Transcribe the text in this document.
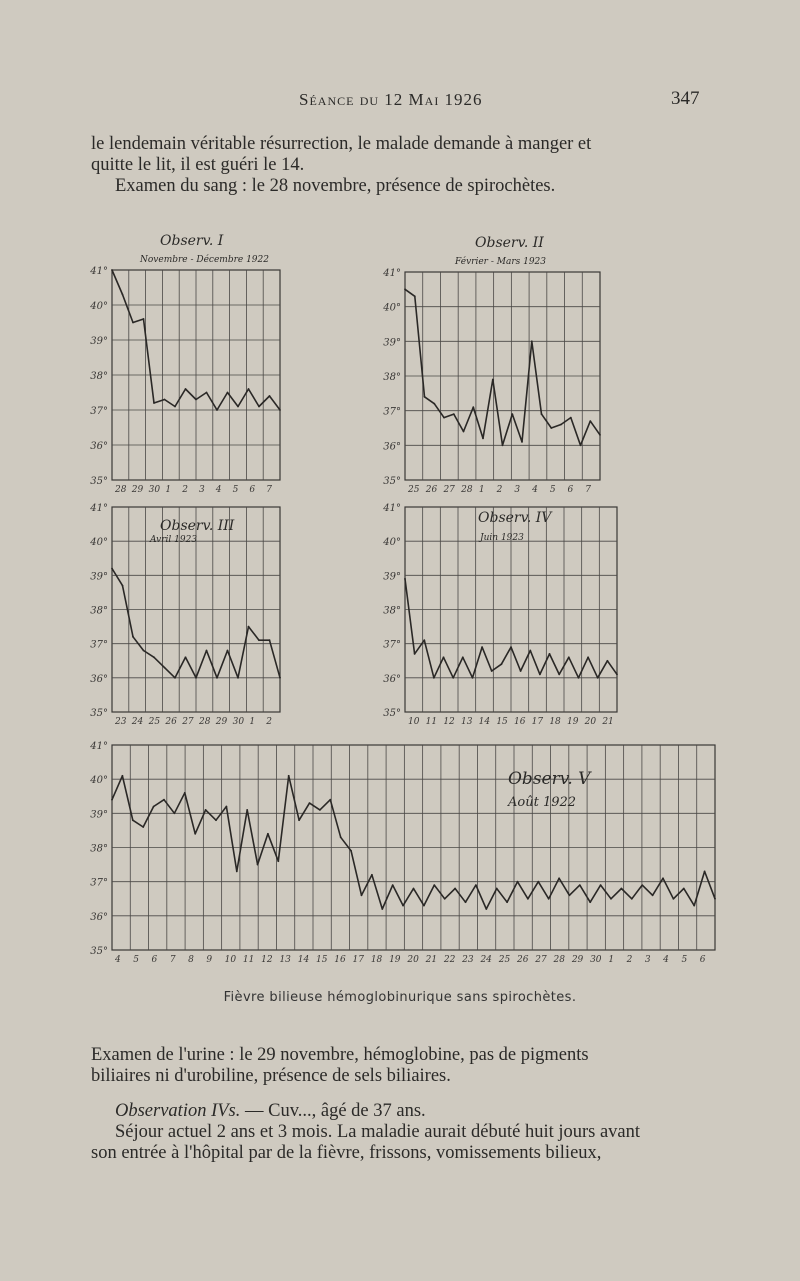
Séance du 12 Mai 1926	347
le lendemain véritable résurrection, le malade demande à manger et
quitte le lit, il est guéri le 14.
Examen du sang : le 28 novembre, présence de spirochètes.
35°
36°
37°
38°
39°
40°
41°
28 29 30 1 2 3 4 5 6 7
Observ. I
Novembre - Décembre 1922
35°
36°
37°
38°
39°
40°
41°
25 26 27 28 1 2 3 4 5 6 7
Observ. II
Février - Mars 1923
35°
36°
37°
38°
39°
40°
41°
23 24 25 26 27 28 29 30 1 2
Observ. III
Avril 1923
35°
36°
37°
38°
39°
40°
41°
10 11 12 13 14 15 16 17 18 19 20 21
Observ. IV
Juin 1923
35°
36°
37°
38°
39°
40°
41°
4 5 6 7 8 9 10 11 12 13 14 15 16 17 18 19 20 21 22 23 24 25 26 27 28 29 30 1 2 3 4 5 6
Observ. V
Août 1922
Fièvre bilieuse hémoglobinurique sans spirochètes.
Examen de l'urine : le 29 novembre, hémoglobine, pas de pigments
biliaires ni d'urobiline, présence de sels biliaires.
Observation IVs. — Cuv..., âgé de 37 ans.
Séjour actuel 2 ans et 3 mois. La maladie aurait débuté huit jours avant
son entrée à l'hôpital par de la fièvre, frissons, vomissements bilieux,
